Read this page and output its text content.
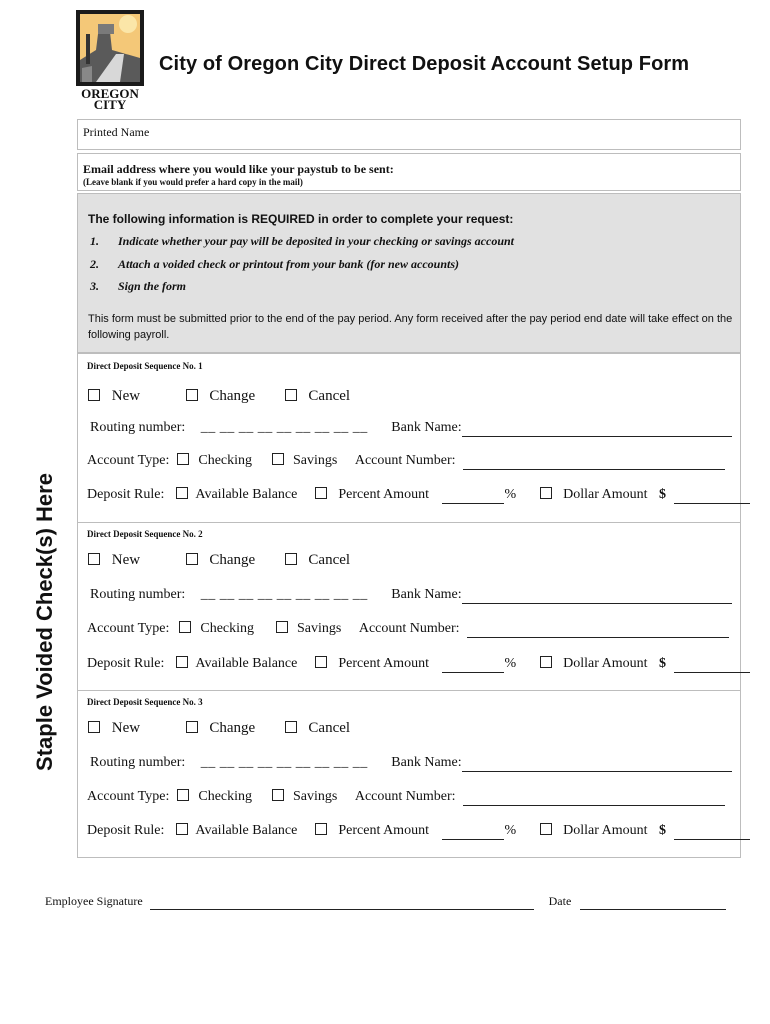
OREGON
CITY
City of Oregon City Direct Deposit Account Setup Form
Staple Voided Check(s) Here
Printed Name
Email address where you would like your paystub to be sent:
(Leave blank if you would prefer a hard copy in the mail)
The following information is REQUIRED in order to complete your request:
1. Indicate whether your pay will be deposited in your checking or savings account
2. Attach a voided check or printout from your bank (for new accounts)
3. Sign the form
This form must be submitted prior to the end of the pay period. Any form received after the pay period end date will take effect on the following payroll.
Direct Deposit Sequence No. 1
New	Change	Cancel
Routing number: __ __ __ __ __ __ __ __ __ Bank Name:
Account Type: Checking	Savings Account Number:
Deposit Rule: Available Balance	Percent Amount	%	Dollar Amount $
Direct Deposit Sequence No. 2
New	Change	Cancel
Routing number: __ __ __ __ __ __ __ __ __ Bank Name:
Account Type: Checking	Savings Account Number:
Deposit Rule: Available Balance	Percent Amount	%	Dollar Amount $
Direct Deposit Sequence No. 3
New	Change	Cancel
Routing number: __ __ __ __ __ __ __ __ __ Bank Name:
Account Type: Checking	Savings Account Number:
Deposit Rule: Available Balance	Percent Amount	%	Dollar Amount $
Employee Signature	Date
